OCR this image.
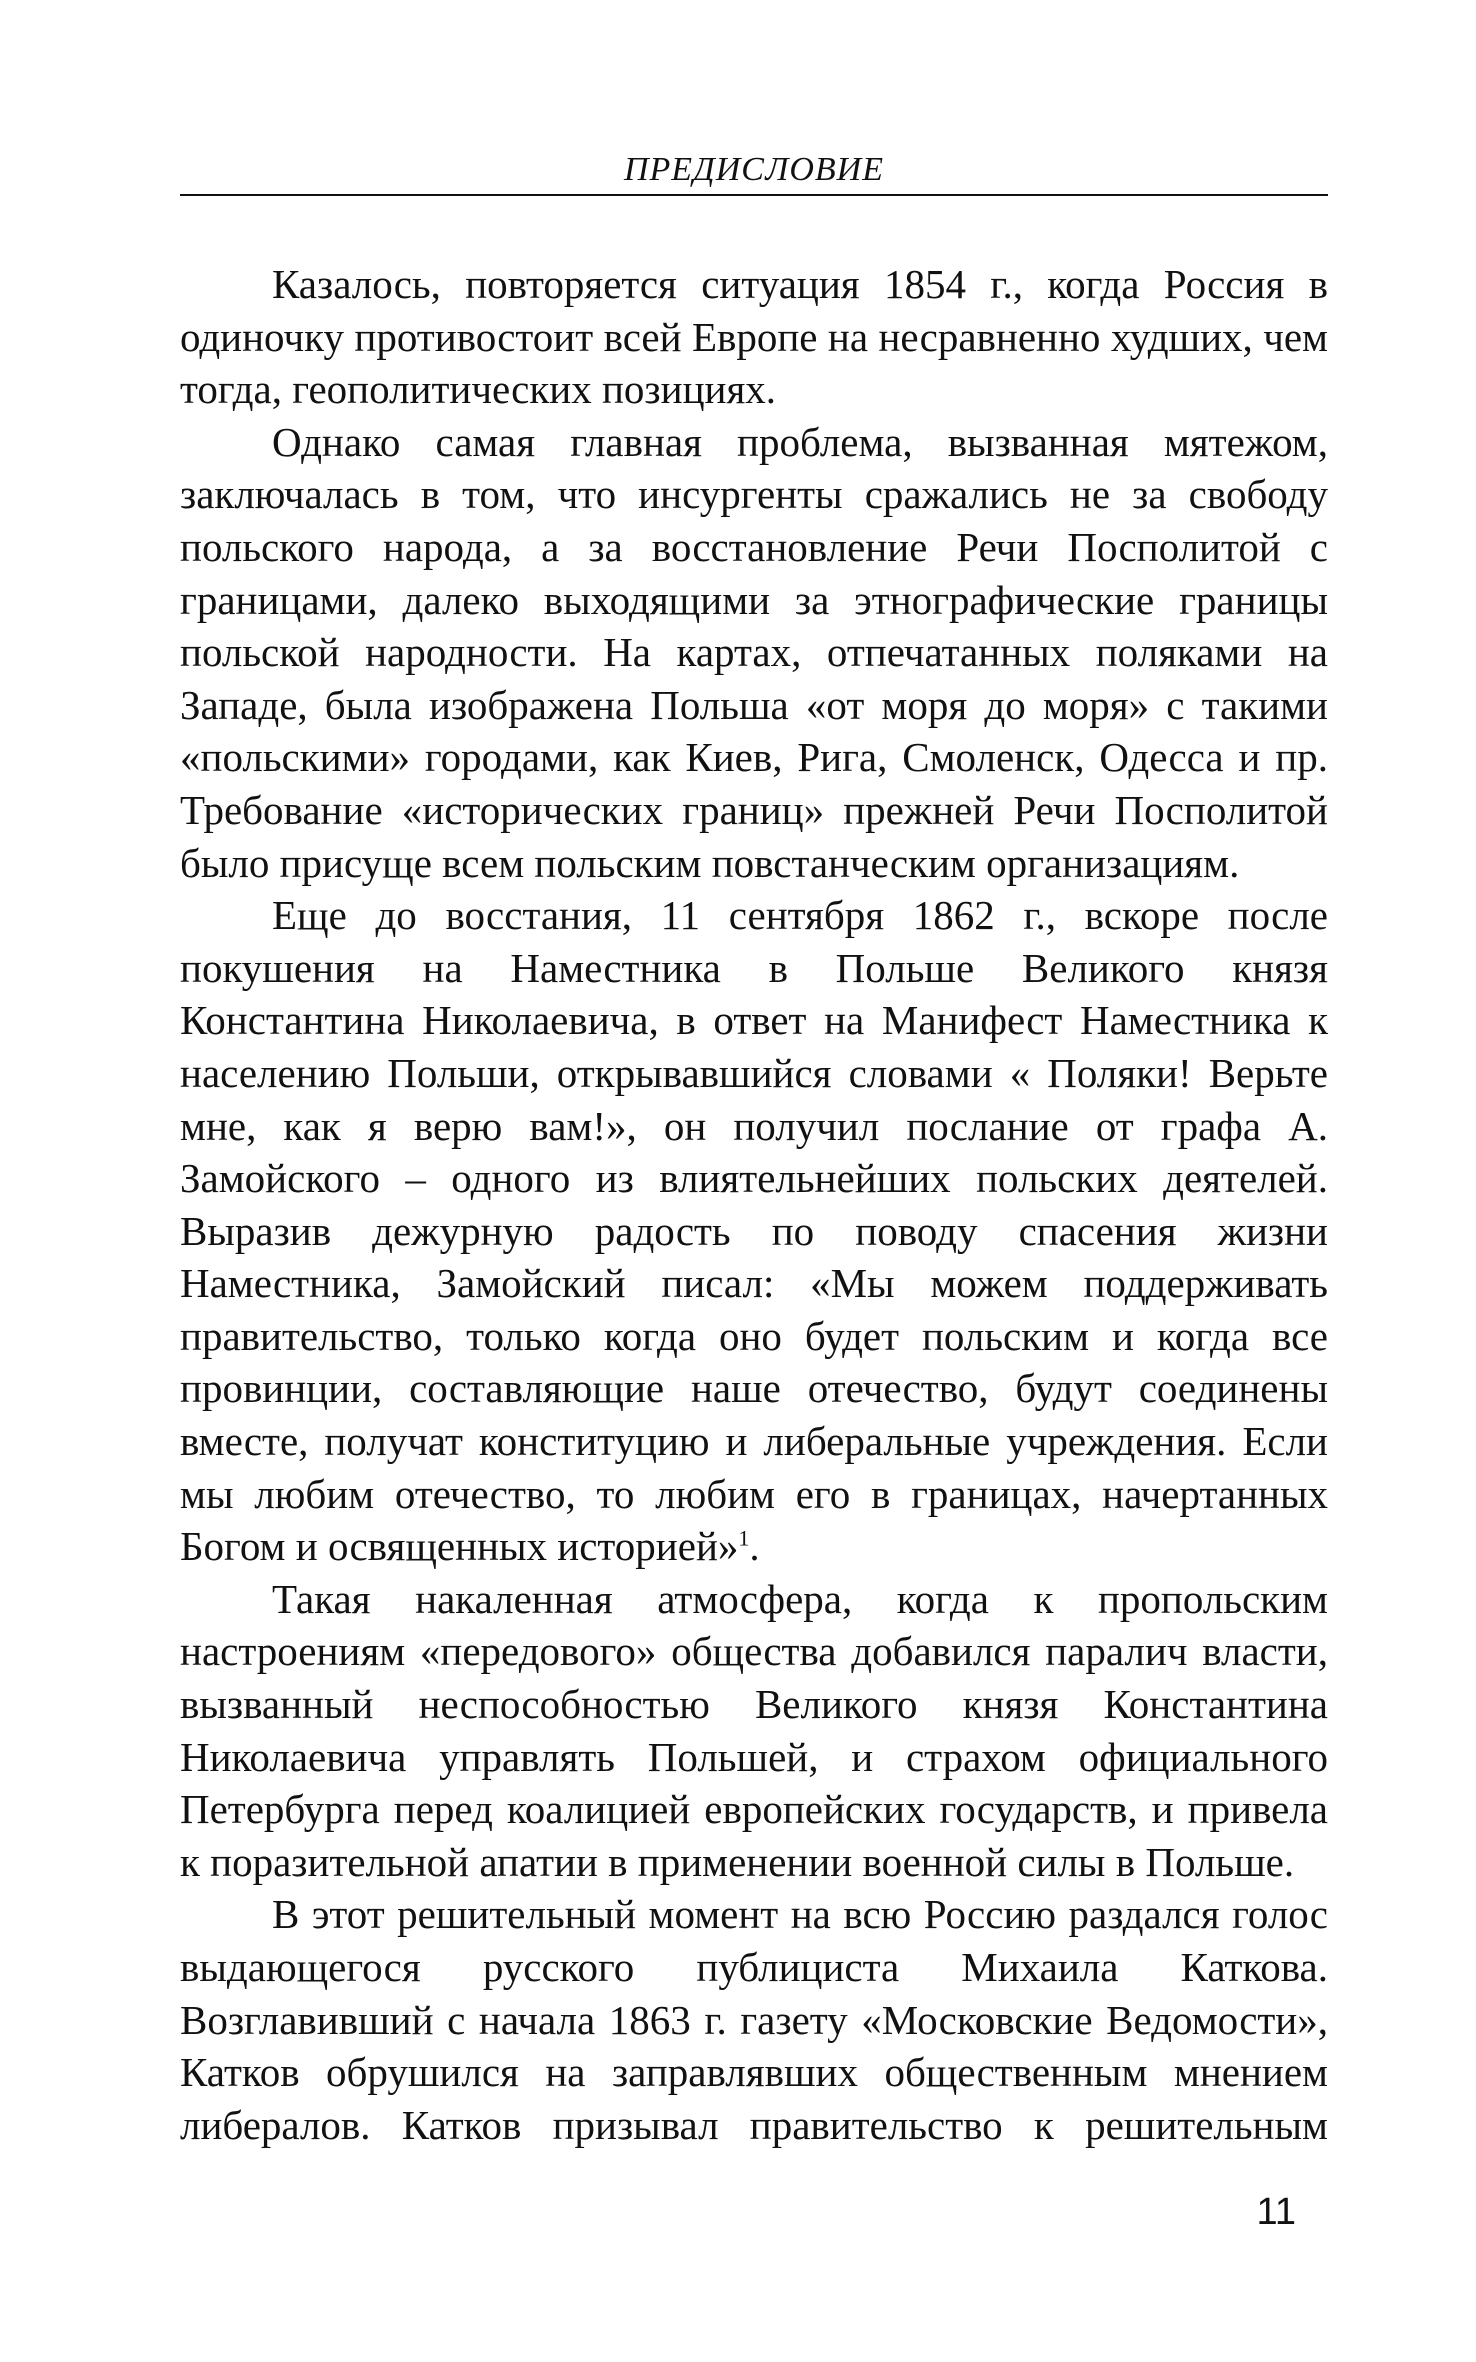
ПРЕДИСЛОВИЕ

Казалось, повторяется ситуация 1854 г., когда Россия в одиночку противостоит всей Европе на несравненно худших, чем тогда, геополитических позициях.

Однако самая главная проблема, вызванная мятежом, заключалась в том, что инсургенты сражались не за свободу польского народа, а за восстановление Речи Посполитой с границами, далеко выходящими за этнографические границы польской народности. На картах, отпечатанных поляками на Западе, была изображена Польша «от моря до моря» с такими «польскими» городами, как Киев, Рига, Смоленск, Одесса и пр. Требование «исторических границ» прежней Речи Посполитой было присуще всем польским повстанческим организациям.

Еще до восстания, 11 сентября 1862 г., вскоре после покушения на Наместника в Польше Великого князя Константина Николаевича, в ответ на Манифест Наместника к населению Польши, открывавшийся словами « Поляки! Верьте мне, как я верю вам!», он получил послание от графа А. Замойского – одного из влиятельнейших польских деятелей. Выразив дежурную радость по поводу спасения жизни Наместника, Замойский писал: «Мы можем поддерживать правительство, только когда оно будет польским и когда все провинции, составляющие наше отечество, будут соединены вместе, получат конституцию и либеральные учреждения. Если мы любим отечество, то любим его в границах, начертанных Богом и освященных историей»$^1$.

Такая накаленная атмосфера, когда к пропольским настроениям «передового» общества добавился паралич власти, вызванный неспособностью Великого князя Константина Николаевича управлять Польшей, и страхом официального Петербурга перед коалицией европейских государств, и привела к поразительной апатии в применении военной силы в Польше.

В этот решительный момент на всю Россию раздался голос выдающегося русского публициста Михаила Каткова. Возглавивший с начала 1863 г. газету «Московские Ведомости», Катков обрушился на заправлявших общественным мнением либералов. Катков призывал правительство к решительным

11
